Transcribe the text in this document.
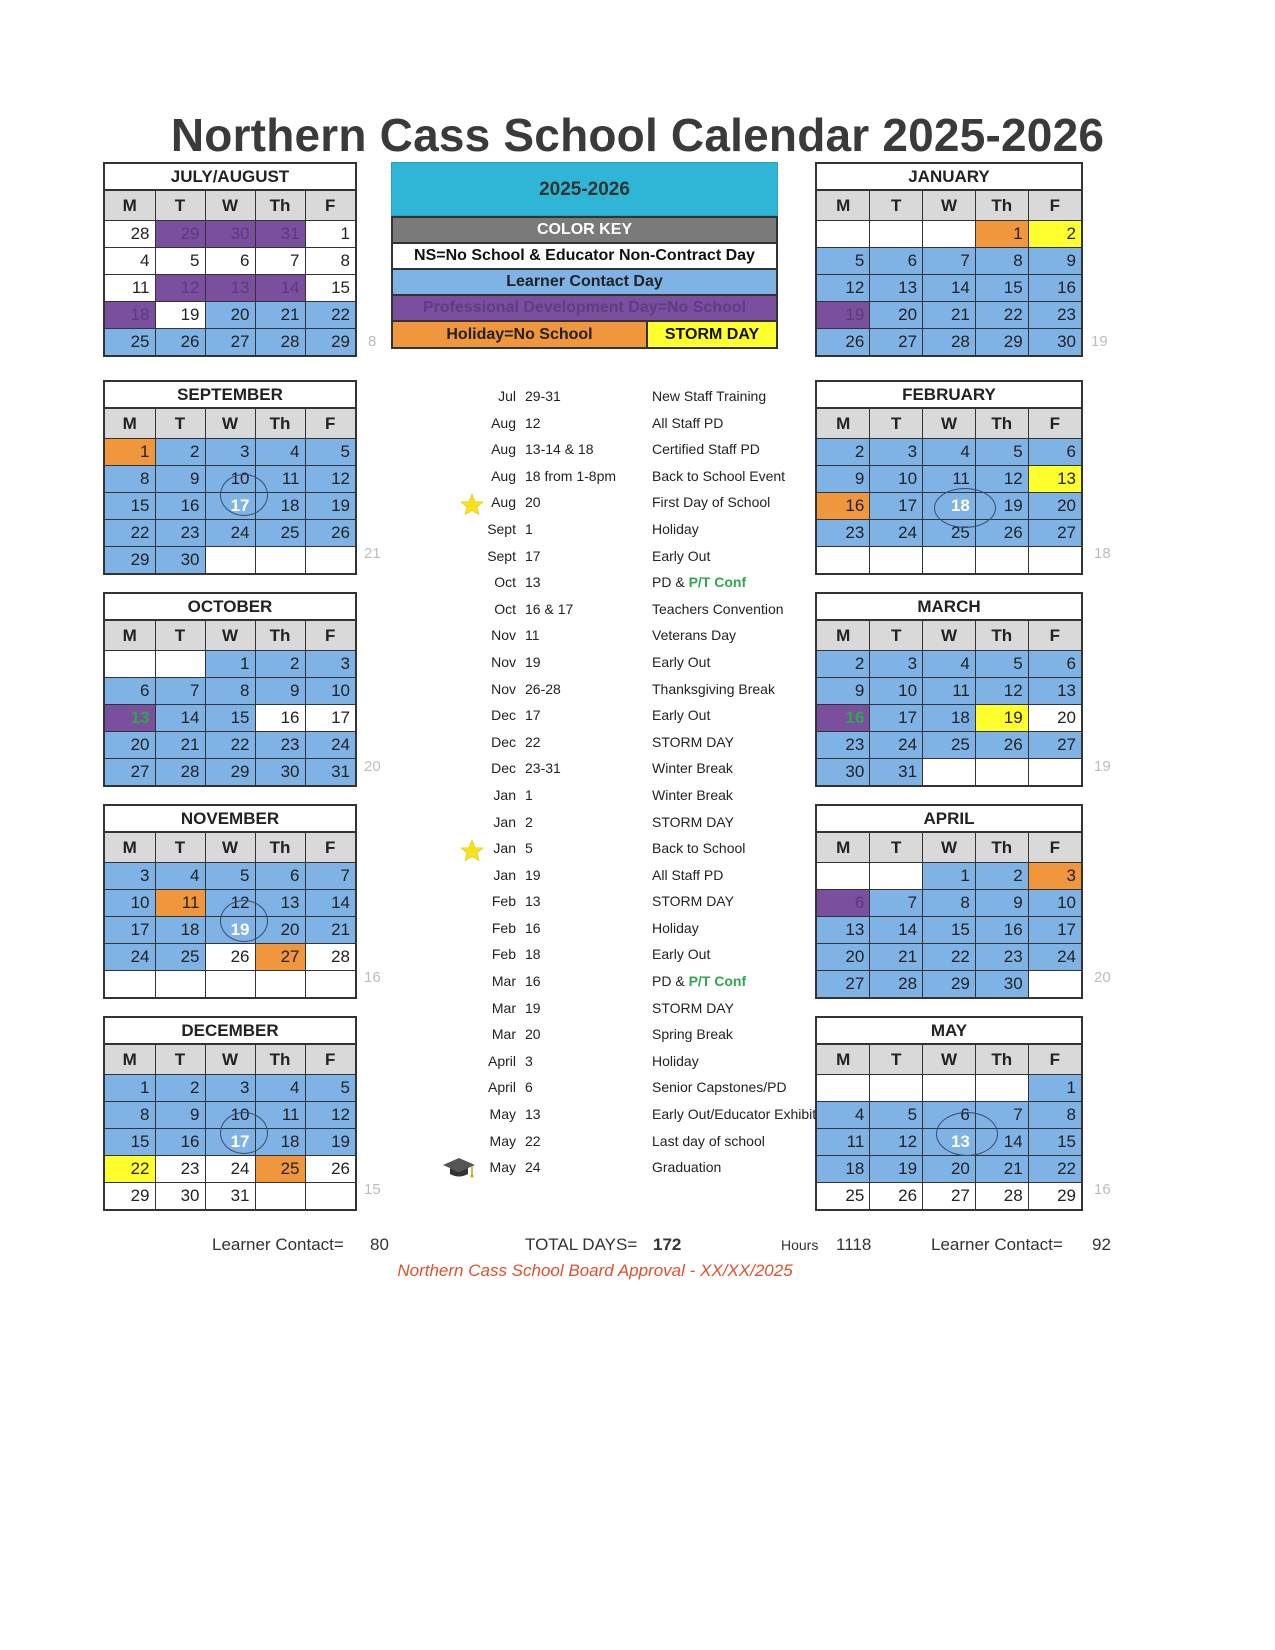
Northern Cass School Calendar 2025-2026
JULY/AUGUST
M	T	W	Th	F
28	29	30	31	1
4	5	6	7	8
11	12	13	14	15
18	19	20	21	22
25	26	27	28	29
SEPTEMBER
M	T	W	Th	F
1	2	3	4	5
8	9	10	11	12
15	16	17	18	19
22	23	24	25	26
29	30			
OCTOBER
M	T	W	Th	F
		1	2	3
6	7	8	9	10
13	14	15	16	17
20	21	22	23	24
27	28	29	30	31
NOVEMBER
M	T	W	Th	F
3	4	5	6	7
10	11	12	13	14
17	18	19	20	21
24	25	26	27	28

DECEMBER
M	T	W	Th	F
1	2	3	4	5
8	9	10	11	12
15	16	17	18	19
22	23	24	25	26
29	30	31		
JANUARY
M	T	W	Th	F
			1	2
5	6	7	8	9
12	13	14	15	16
19	20	21	22	23
26	27	28	29	30
FEBRUARY
M	T	W	Th	F
2	3	4	5	6
9	10	11	12	13
16	17	18	19	20
23	24	25	26	27

MARCH
M	T	W	Th	F
2	3	4	5	6
9	10	11	12	13
16	17	18	19	20
23	24	25	26	27
30	31			
APRIL
M	T	W	Th	F
		1	2	3
6	7	8	9	10
13	14	15	16	17
20	21	22	23	24
27	28	29	30	
MAY
M	T	W	Th	F
				1
4	5	6	7	8
11	12	13	14	15
18	19	20	21	22
25	26	27	28	29
8
21
20
16
15
19
18
19
20
16
2025-2026
COLOR KEY
NS=No School & Educator Non-Contract Day
Learner Contact Day
Professional Development Day=No School
Holiday=No School	STORM DAY
Jul 29-31	New Staff Training
Aug 12	All Staff PD
Aug 13-14 & 18	Certified Staff PD
Aug 18 from 1-8pm	Back to School Event
Aug 20	First Day of School
Sept 1	Holiday
Sept 17	Early Out
Oct 13	PD & P/T Conf
Oct 16 & 17	Teachers Convention
Nov 11	Veterans Day
Nov 19	Early Out
Nov 26-28	Thanksgiving Break
Dec 17	Early Out
Dec 22	STORM DAY
Dec 23-31	Winter Break
Jan 1	Winter Break
Jan 2	STORM DAY
Jan 5	Back to School
Jan 19	All Staff PD
Feb 13	STORM DAY
Feb 16	Holiday
Feb 18	Early Out
Mar 16	PD & P/T Conf
Mar 19	STORM DAY
Mar 20	Spring Break
April 3	Holiday
April 6	Senior Capstones/PD
May 13	Early Out/Educator Exhibit
May 22	Last day of school
May 24	Graduation
Learner Contact= 80	TOTAL DAYS= 172	Hours 1118	Learner Contact= 92
Northern Cass School Board Approval - XX/XX/2025
